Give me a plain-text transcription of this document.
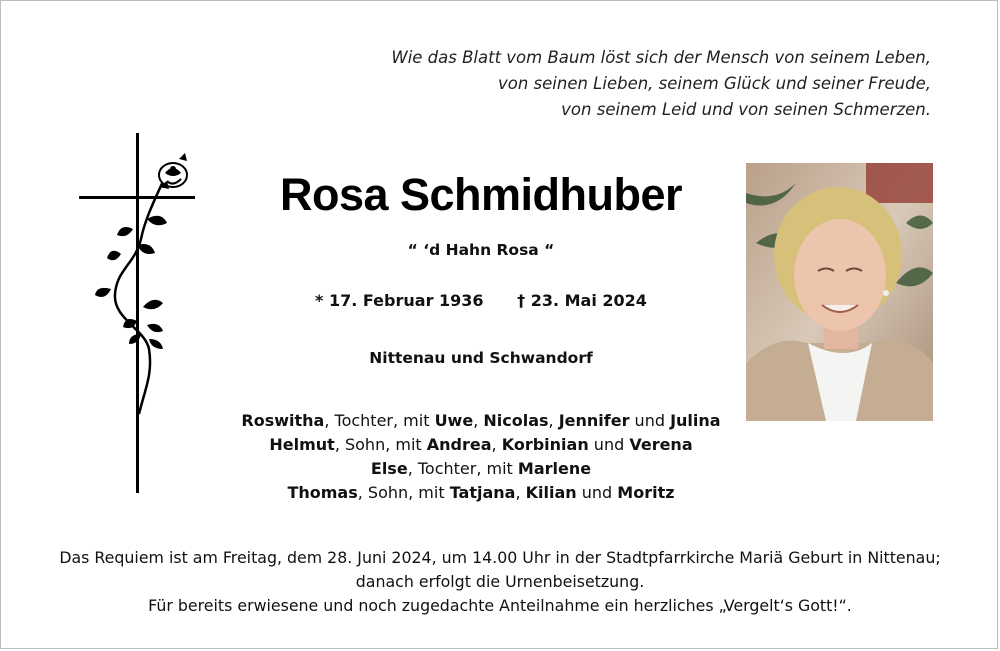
Wie das Blatt vom Baum löst sich der Mensch von seinem Leben,
von seinen Lieben, seinem Glück und seiner Freude,
von seinem Leid und von seinen Schmerzen.
Rosa Schmidhuber
“ ‘d Hahn Rosa “
* 17. Februar 1936 † 23. Mai 2024
Nittenau und Schwandorf
Roswitha, Tochter, mit Uwe, Nicolas, Jennifer und Julina
Helmut, Sohn, mit Andrea, Korbinian und Verena
Else, Tochter, mit Marlene
Thomas, Sohn, mit Tatjana, Kilian und Moritz
Das Requiem ist am Freitag, dem 28. Juni 2024, um 14.00 Uhr in der Stadtpfarrkirche Mariä Geburt in Nittenau;
danach erfolgt die Urnenbeisetzung.
Für bereits erwiesene und noch zugedachte Anteilnahme ein herzliches „Vergelt‘s Gott!“.
